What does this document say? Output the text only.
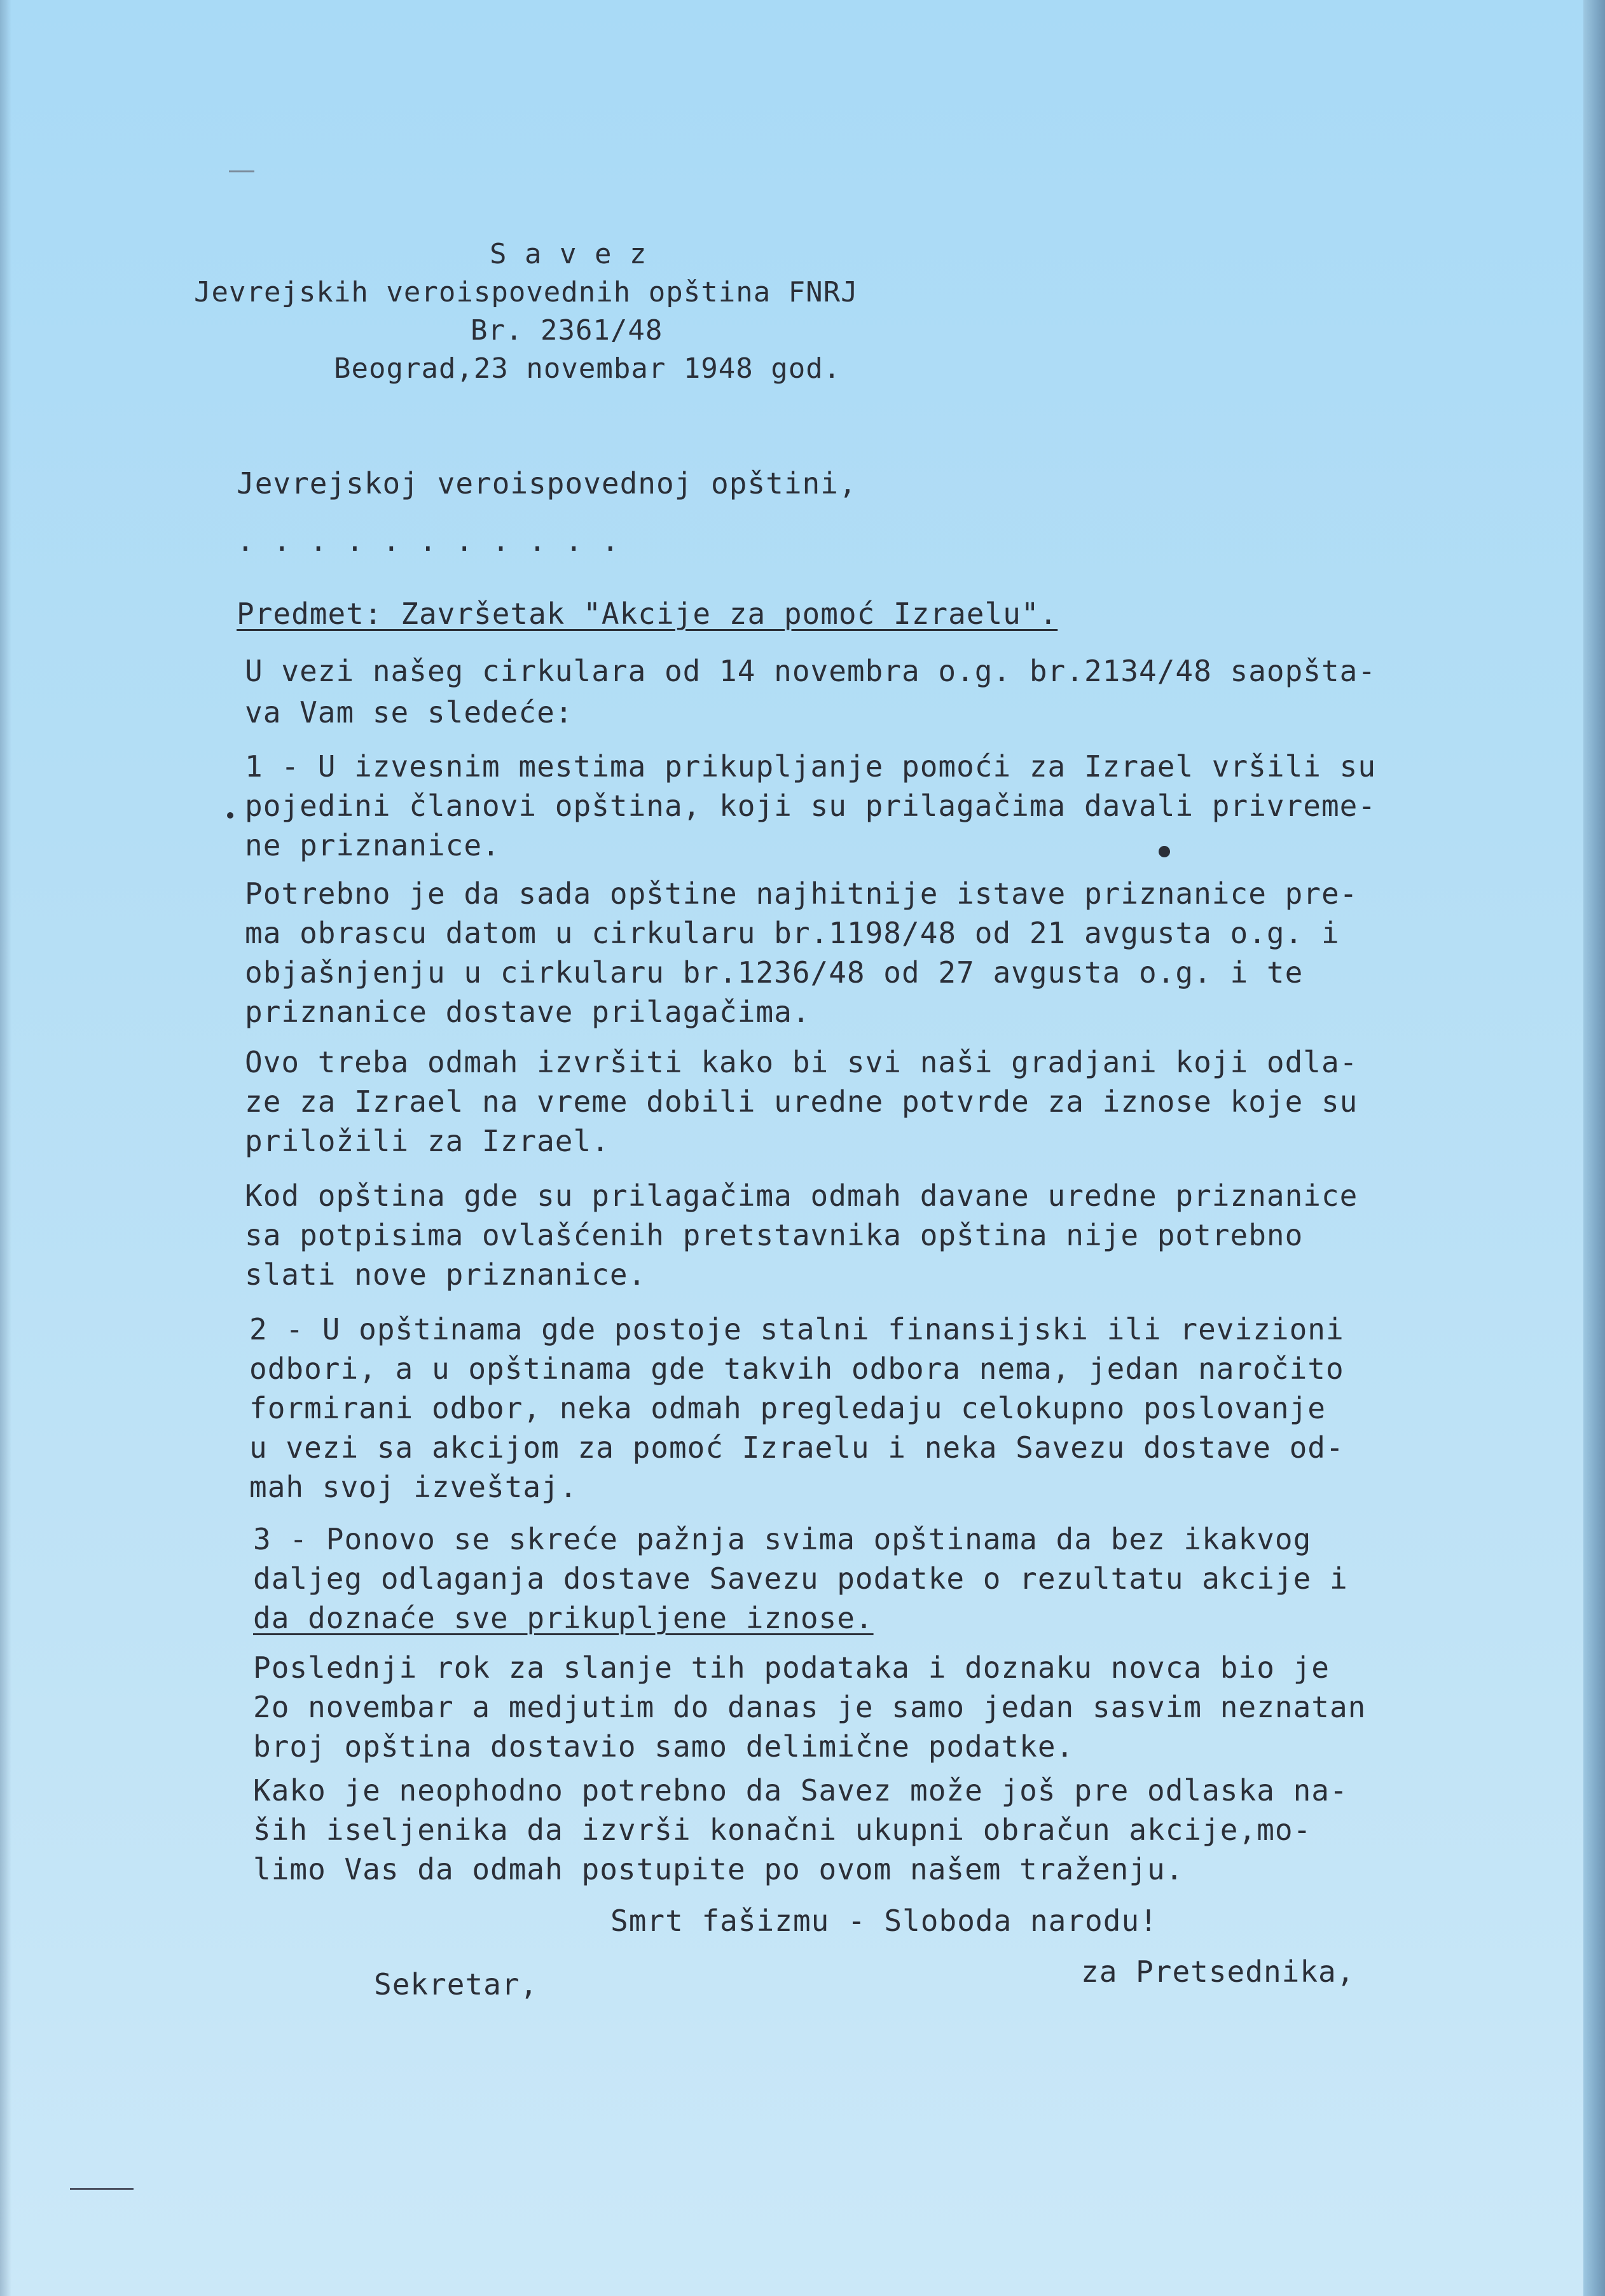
S a v e z
Jevrejskih veroispovednih opština FNRJ
Br. 2361/48
Beograd,23 novembar 1948 god.
Jevrejskoj veroispovednoj opštini,
. . . . . . . . . . .
Predmet: Završetak "Akcije za pomoć Izraelu".
U vezi našeg cirkulara od 14 novembra o.g. br.2134/48 saopšta-
va Vam se sledeće:
1 - U izvesnim mestima prikupljanje pomoći za Izrael vršili su
pojedini članovi opština, koji su prilagačima davali privreme-
ne priznanice.
Potrebno je da sada opštine najhitnije istave priznanice pre-
ma obrascu datom u cirkularu br.1198/48 od 21 avgusta o.g. i
objašnjenju u cirkularu br.1236/48 od 27 avgusta o.g. i te
priznanice dostave prilagačima.
Ovo treba odmah izvršiti kako bi svi naši gradjani koji odla-
ze za Izrael na vreme dobili uredne potvrde za iznose koje su
priložili za Izrael.
Kod opština gde su prilagačima odmah davane uredne priznanice
sa potpisima ovlašćenih pretstavnika opština nije potrebno
slati nove priznanice.
2 - U opštinama gde postoje stalni finansijski ili revizioni
odbori, a u opštinama gde takvih odbora nema, jedan naročito
formirani odbor, neka odmah pregledaju celokupno poslovanje
u vezi sa akcijom za pomoć Izraelu i neka Savezu dostave od-
mah svoj izveštaj.
3 - Ponovo se skreće pažnja svima opštinama da bez ikakvog
daljeg odlaganja dostave Savezu podatke o rezultatu akcije i
da doznaće sve prikupljene iznose.
Poslednji rok za slanje tih podataka i doznaku novca bio je
2o novembar a medjutim do danas je samo jedan sasvim neznatan
broj opština dostavio samo delimične podatke.
Kako je neophodno potrebno da Savez može još pre odlaska na-
ših iseljenika da izvrši konačni ukupni obračun akcije,mo-
limo Vas da odmah postupite po ovom našem traženju.
Smrt fašizmu - Sloboda narodu!
Sekretar,	za Pretsednika,
